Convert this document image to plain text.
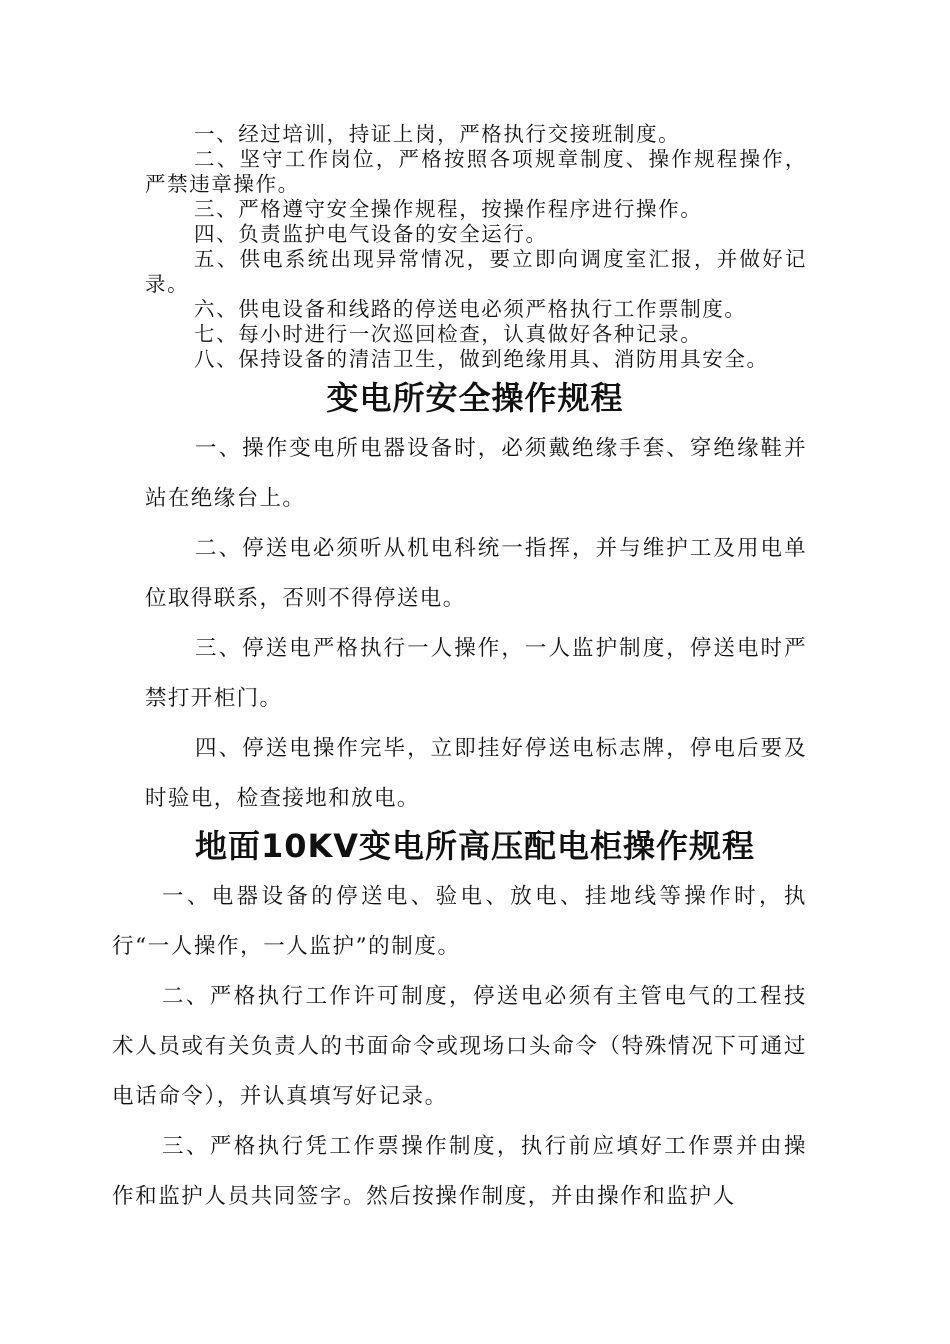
一、经过培训，持证上岗，严格执行交接班制度。

二、坚守工作岗位，严格按照各项规章制度、操作规程操作，严禁违章操作。

三、严格遵守安全操作规程，按操作程序进行操作。

四、负责监护电气设备的安全运行。

五、供电系统出现异常情况，要立即向调度室汇报，并做好记录。

六、供电设备和线路的停送电必须严格执行工作票制度。

七、每小时进行一次巡回检查，认真做好各种记录。

八、保持设备的清洁卫生，做到绝缘用具、消防用具安全。

变电所安全操作规程

一、操作变电所电器设备时，必须戴绝缘手套、穿绝缘鞋并站在绝缘台上。

二、停送电必须听从机电科统一指挥，并与维护工及用电单位取得联系，否则不得停送电。

三、停送电严格执行一人操作，一人监护制度，停送电时严禁打开柜门。

四、停送电操作完毕，立即挂好停送电标志牌，停电后要及时验电，检查接地和放电。

地面10KV变电所高压配电柜操作规程

一、电器设备的停送电、验电、放电、挂地线等操作时，执行“一人操作，一人监护”的制度。

二、严格执行工作许可制度，停送电必须有主管电气的工程技术人员或有关负责人的书面命令或现场口头命令（特殊情况下可通过电话命令），并认真填写好记录。

三、严格执行凭工作票操作制度，执行前应填好工作票并由操作和监护人员共同签字。然后按操作制度，并由操作和监护人
